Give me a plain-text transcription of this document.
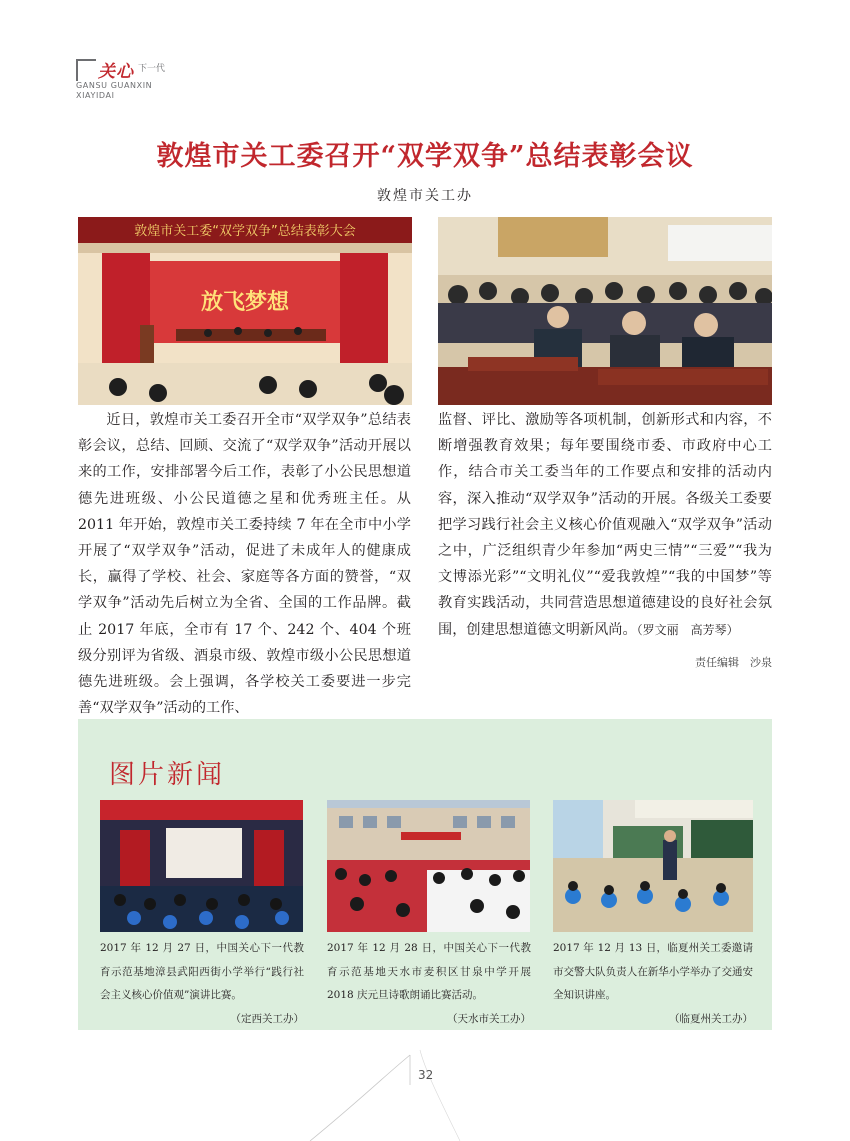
关心 下一代
GANSU GUANXIN
XIAYIDAI
敦煌市关工委召开“双学双争”总结表彰会议
敦煌市关工办
敦煌市关工委“双学双争”总结表彰大会
放飞梦想

近日，敦煌市关工委召开全市“双学双争”总结表彰会议，总结、回顾、交流了“双学双争”活动开展以来的工作，安排部署今后工作，表彰了小公民思想道德先进班级、小公民道德之星和优秀班主任。从 2011 年开始，敦煌市关工委持续 7 年在全市中小学开展了“双学双争”活动，促进了未成年人的健康成长，赢得了学校、社会、家庭等各方面的赞誉，“双学双争”活动先后树立为全省、全国的工作品牌。截止 2017 年底，全市有 17 个、242 个、404 个班级分别评为省级、酒泉市级、敦煌市级小公民思想道德先进班级。会上强调，各学校关工委要进一步完善“双学双争”活动的工作、

监督、评比、激励等各项机制，创新形式和内容，不断增强教育效果；每年要围绕市委、市政府中心工作，结合市关工委当年的工作要点和安排的活动内容，深入推动“双学双争”活动的开展。各级关工委要把学习践行社会主义核心价值观融入“双学双争”活动之中，广泛组织青少年参加“两史三情”“三爱”“我为文博添光彩”“文明礼仪”“爱我敦煌”“我的中国梦”等教育实践活动，共同营造思想道德建设的良好社会氛围，创建思想道德文明新风尚。（罗文丽　高芳琴）

责任编辑　沙泉
图片新闻
2017 年 12 月 27 日，中国关心下一代教育示范基地漳县武阳西街小学举行“践行社会主义核心价值观”演讲比赛。
（定西关工办）
2017 年 12 月 28 日，中国关心下一代教育示范基地天水市麦积区甘泉中学开展 2018 庆元旦诗歌朗诵比赛活动。
（天水市关工办）
2017 年 12 月 13 日，临夏州关工委邀请市交警大队负责人在新华小学举办了交通安全知识讲座。
（临夏州关工办）
32
